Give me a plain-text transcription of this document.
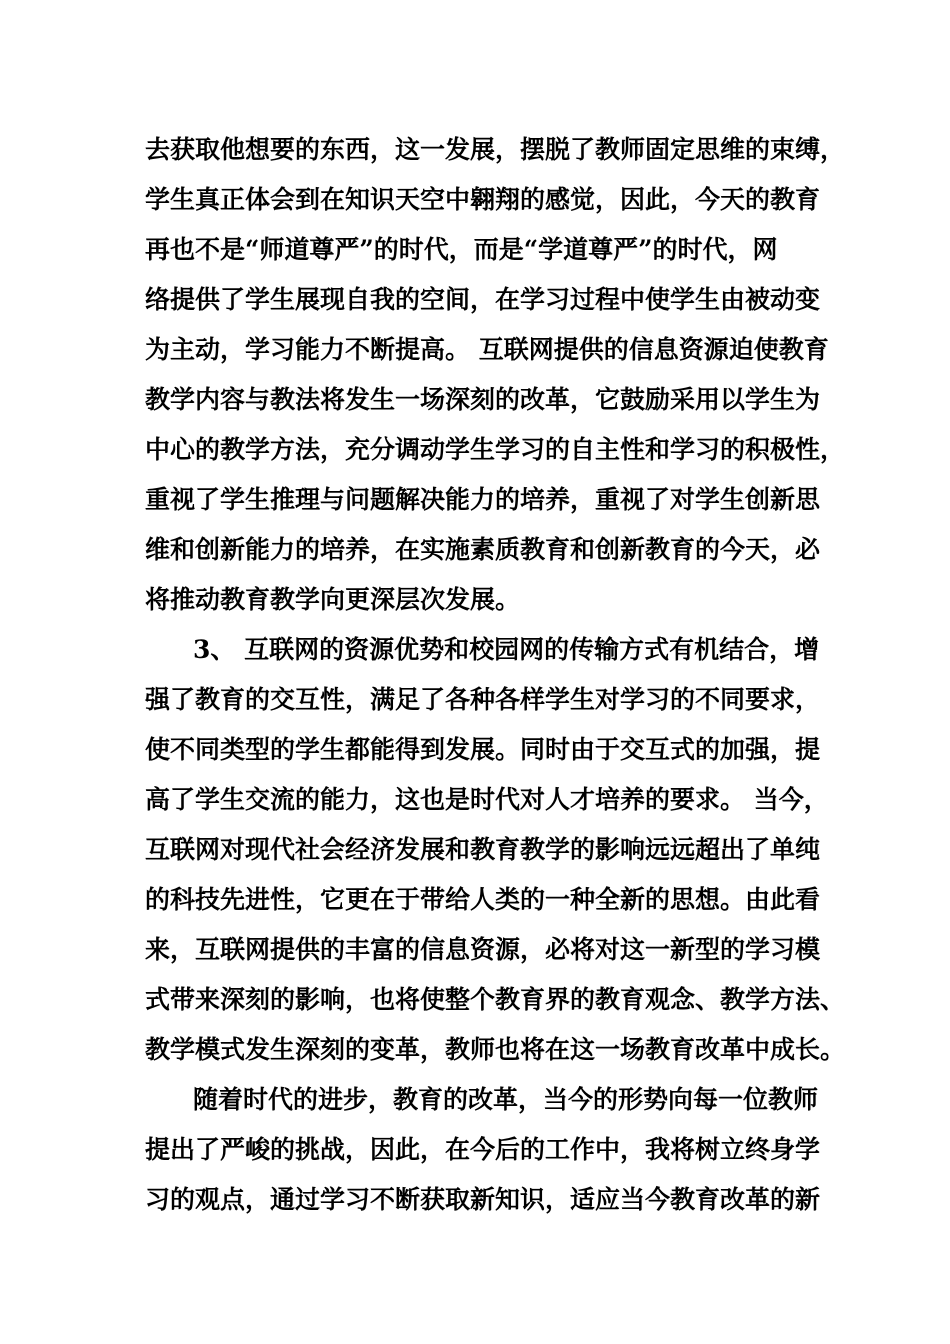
去获取他想要的东西，这一发展，摆脱了教师固定思维的束缚，
学生真正体会到在知识天空中翱翔的感觉，因此，今天的教育
再也不是“师道尊严”的时代，而是“学道尊严”的时代，网
络提供了学生展现自我的空间，在学习过程中使学生由被动变
为主动，学习能力不断提高。 互联网提供的信息资源迫使教育
教学内容与教法将发生一场深刻的改革，它鼓励采用以学生为
中心的教学方法，充分调动学生学习的自主性和学习的积极性，
重视了学生推理与问题解决能力的培养，重视了对学生创新思
维和创新能力的培养，在实施素质教育和创新教育的今天，必
将推动教育教学向更深层次发展。
3、 互联网的资源优势和校园网的传输方式有机结合，增
强了教育的交互性，满足了各种各样学生对学习的不同要求，
使不同类型的学生都能得到发展。同时由于交互式的加强，提
高了学生交流的能力，这也是时代对人才培养的要求。 当今，
互联网对现代社会经济发展和教育教学的影响远远超出了单纯
的科技先进性，它更在于带给人类的一种全新的思想。由此看
来，互联网提供的丰富的信息资源，必将对这一新型的学习模
式带来深刻的影响，也将使整个教育界的教育观念、教学方法、
教学模式发生深刻的变革，教师也将在这一场教育改革中成长。
随着时代的进步，教育的改革，当今的形势向每一位教师
提出了严峻的挑战，因此，在今后的工作中，我将树立终身学
习的观点，通过学习不断获取新知识，适应当今教育改革的新
